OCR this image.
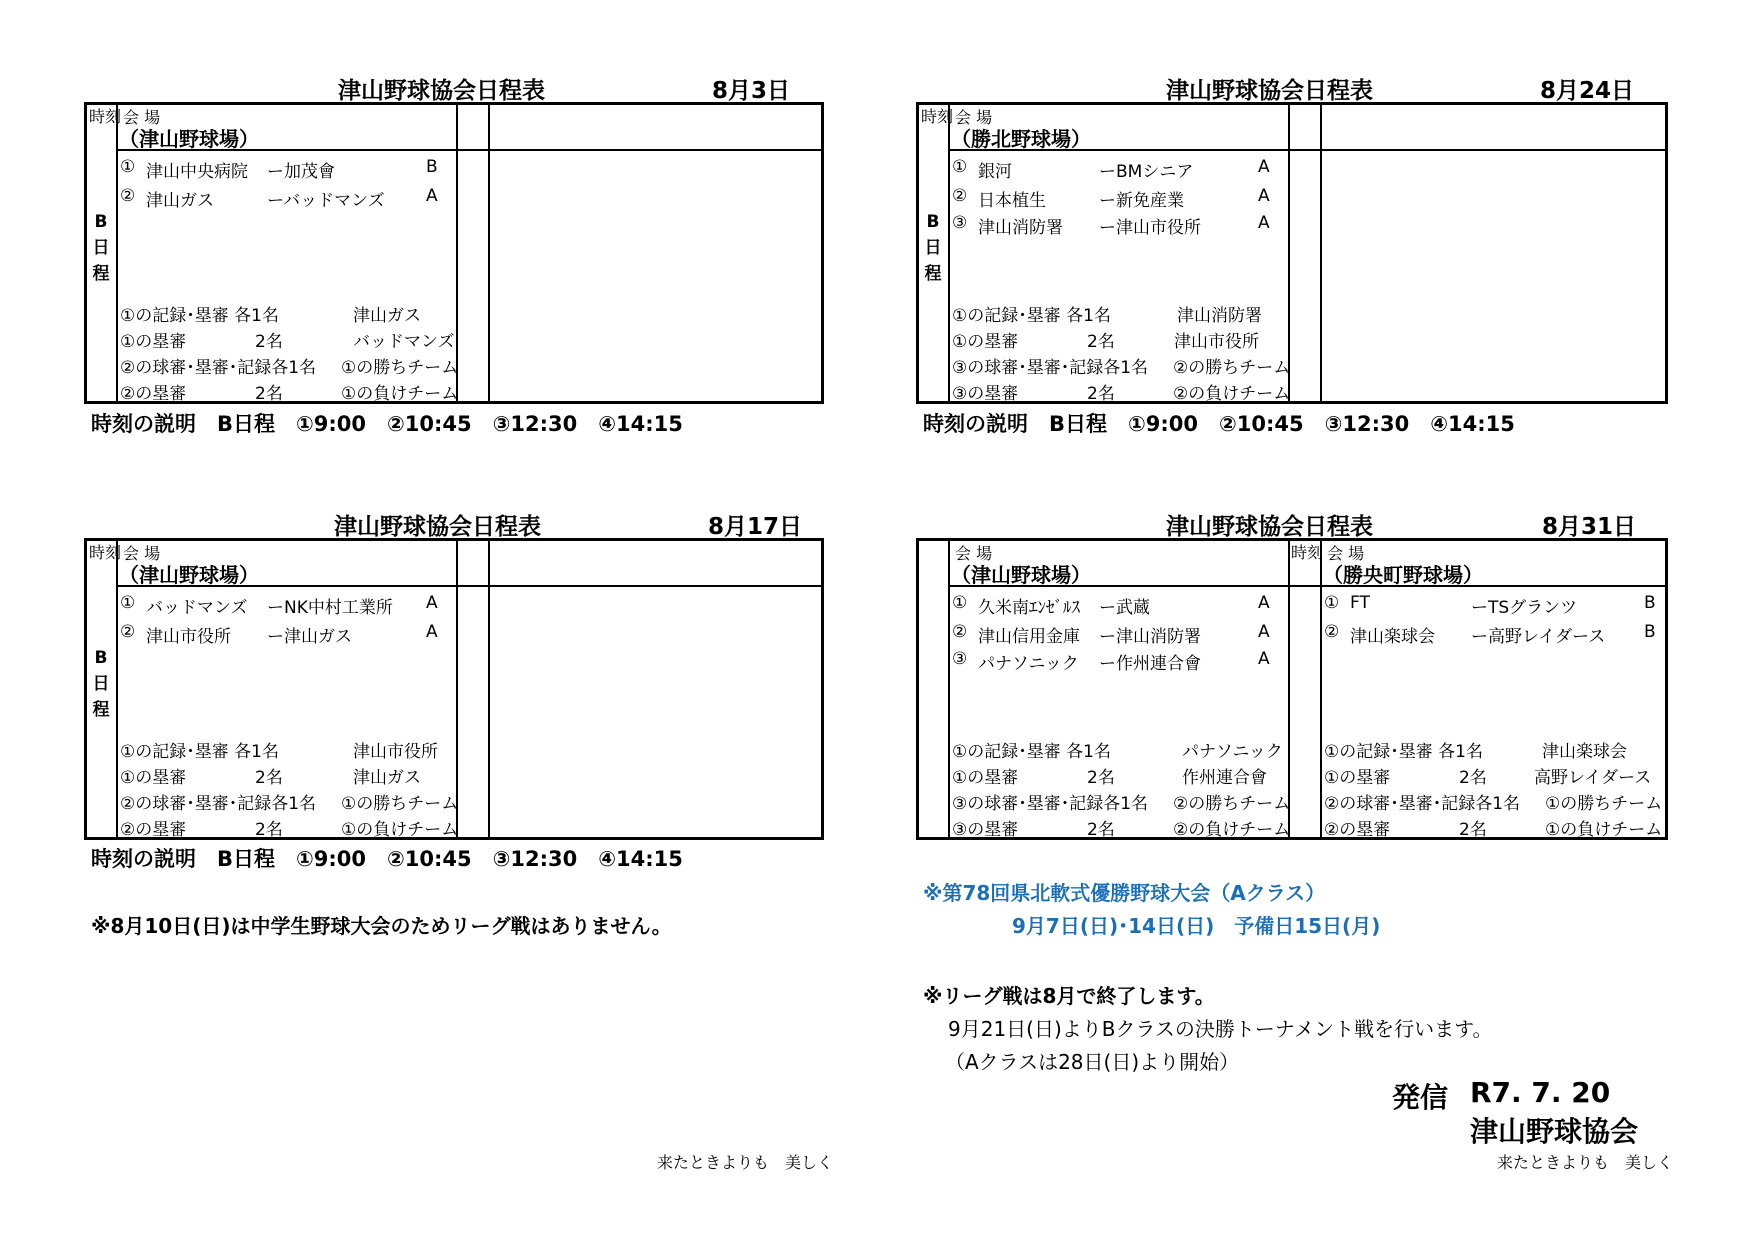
津山野球協会日程表	8月3日
時刻 会 場
（津山野球場）
B日程
① 津山中央病院 ー加茂會	B
② 津山ガス	ーバッドマンズ A
①の記録･塁審 各1名	津山ガス
①の塁審	2名	バッドマンズ
②の球審･塁審･記録各1名 ①の勝ちチーム
②の塁審	2名	①の負けチーム
時刻の説明　B日程　①9:00　②10:45　③12:30　④14:15
津山野球協会日程表	8月24日
時刻 会 場
（勝北野球場）
B日程
① 銀河	ーBMシニア	A
② 日本植生	ー新免産業	A
③ 津山消防署 ー津山市役所	A
①の記録･塁審 各1名	津山消防署
①の塁審	2名	津山市役所
③の球審･塁審･記録各1名 ②の勝ちチーム
③の塁審	2名	②の負けチーム
時刻の説明　B日程　①9:00　②10:45　③12:30　④14:15
津山野球協会日程表	8月17日
時刻 会 場
（津山野球場）
B日程
① バッドマンズ ーNK中村工業所 A
② 津山市役所 ー津山ガス	A
①の記録･塁審 各1名	津山市役所
①の塁審	2名	津山ガス
②の球審･塁審･記録各1名 ①の勝ちチーム
②の塁審	2名	①の負けチーム
時刻の説明　B日程　①9:00　②10:45　③12:30　④14:15
津山野球協会日程表	8月31日
会 場
（津山野球場）
時刻 会 場
（勝央町野球場）
① 久米南ｴﾝｾﾞﾙｽ ー武蔵	A
② 津山信用金庫 ー津山消防署	A
③ パナソニック ー作州連合會	A
①の記録･塁審 各1名	パナソニック
①の塁審	2名	作州連合會
③の球審･塁審･記録各1名 ②の勝ちチーム
③の塁審	2名	②の負けチーム
① FT	ーTSグランツ	B
② 津山楽球会 ー高野レイダース B
①の記録･塁審 各1名	津山楽球会
①の塁審	2名	高野レイダース
②の球審･塁審･記録各1名 ①の勝ちチーム
②の塁審	2名	①の負けチーム
※8月10日(日)は中学生野球大会のためリーグ戦はありません。
※第78回県北軟式優勝野球大会（Aクラス）
9月7日(日)･14日(日)　予備日15日(月)
※リーグ戦は8月で終了します。
9月21日(日)よりBクラスの決勝トーナメント戦を行います。
（Aクラスは28日(日)より開始）
発信 R7. 7. 20
津山野球協会
来たときよりも　美しく	来たときよりも　美しく
